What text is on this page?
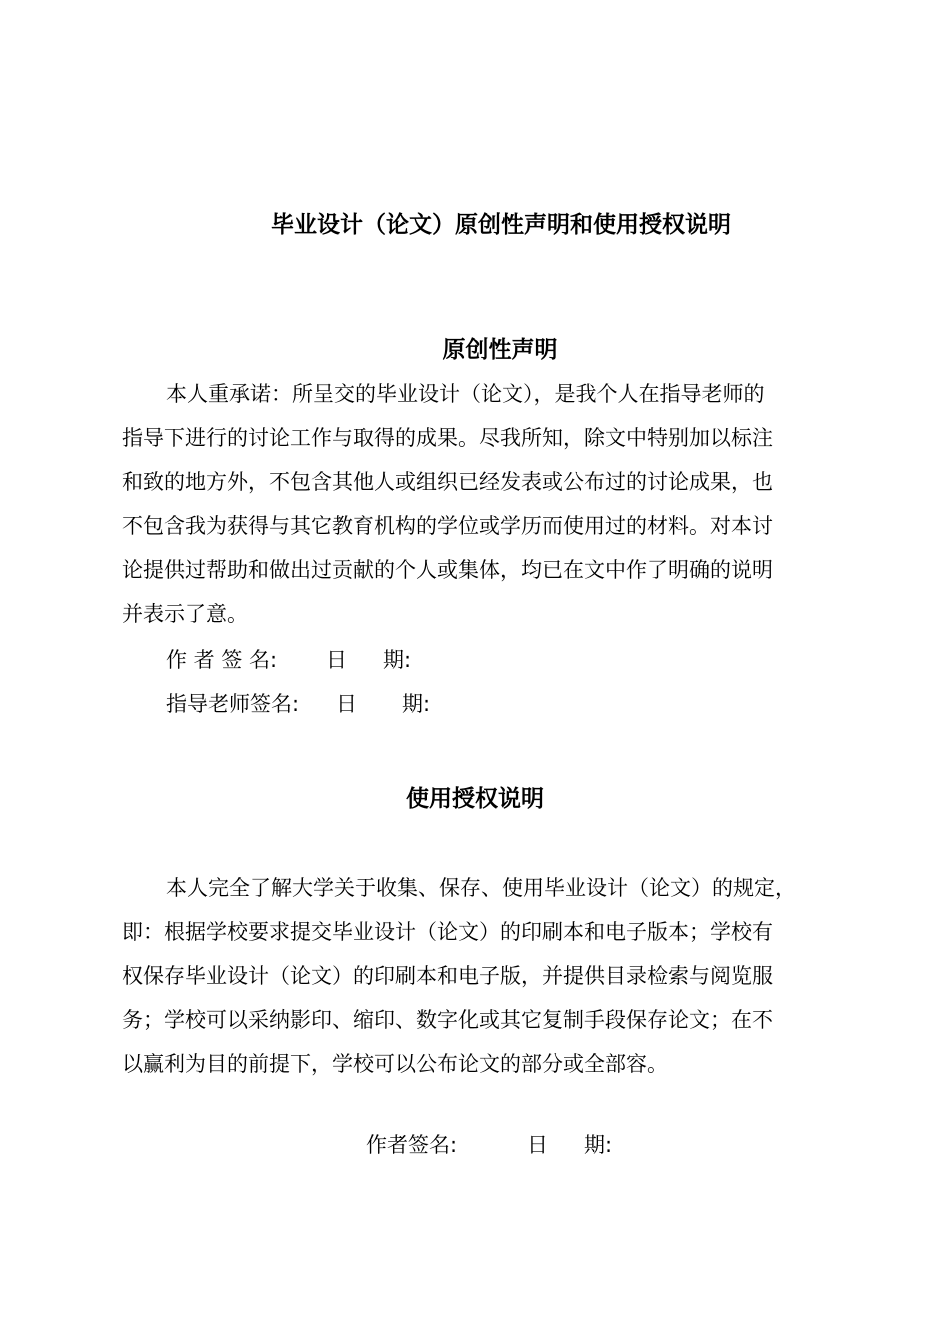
毕业设计（论文）原创性声明和使用授权说明
原创性声明
本人重承诺：所呈交的毕业设计（论文），是我个人在指导老师的
指导下进行的讨论工作与取得的成果。尽我所知，除文中特别加以标注
和致的地方外，不包含其他人或组织已经发表或公布过的讨论成果，也
不包含我为获得与其它教育机构的学位或学历而使用过的材料。对本讨
论提供过帮助和做出过贡献的个人或集体，均已在文中作了明确的说明
并表示了意。
作 者 签 名: 日 期:
指导老师签名: 日 期:
使用授权说明
本人完全了解大学关于收集、保存、使用毕业设计（论文）的规定，
即：根据学校要求提交毕业设计（论文）的印刷本和电子版本；学校有
权保存毕业设计（论文）的印刷本和电子版，并提供目录检索与阅览服
务；学校可以采纳影印、缩印、数字化或其它复制手段保存论文；在不
以赢利为目的前提下，学校可以公布论文的部分或全部容。
作者签名:	日 期:
